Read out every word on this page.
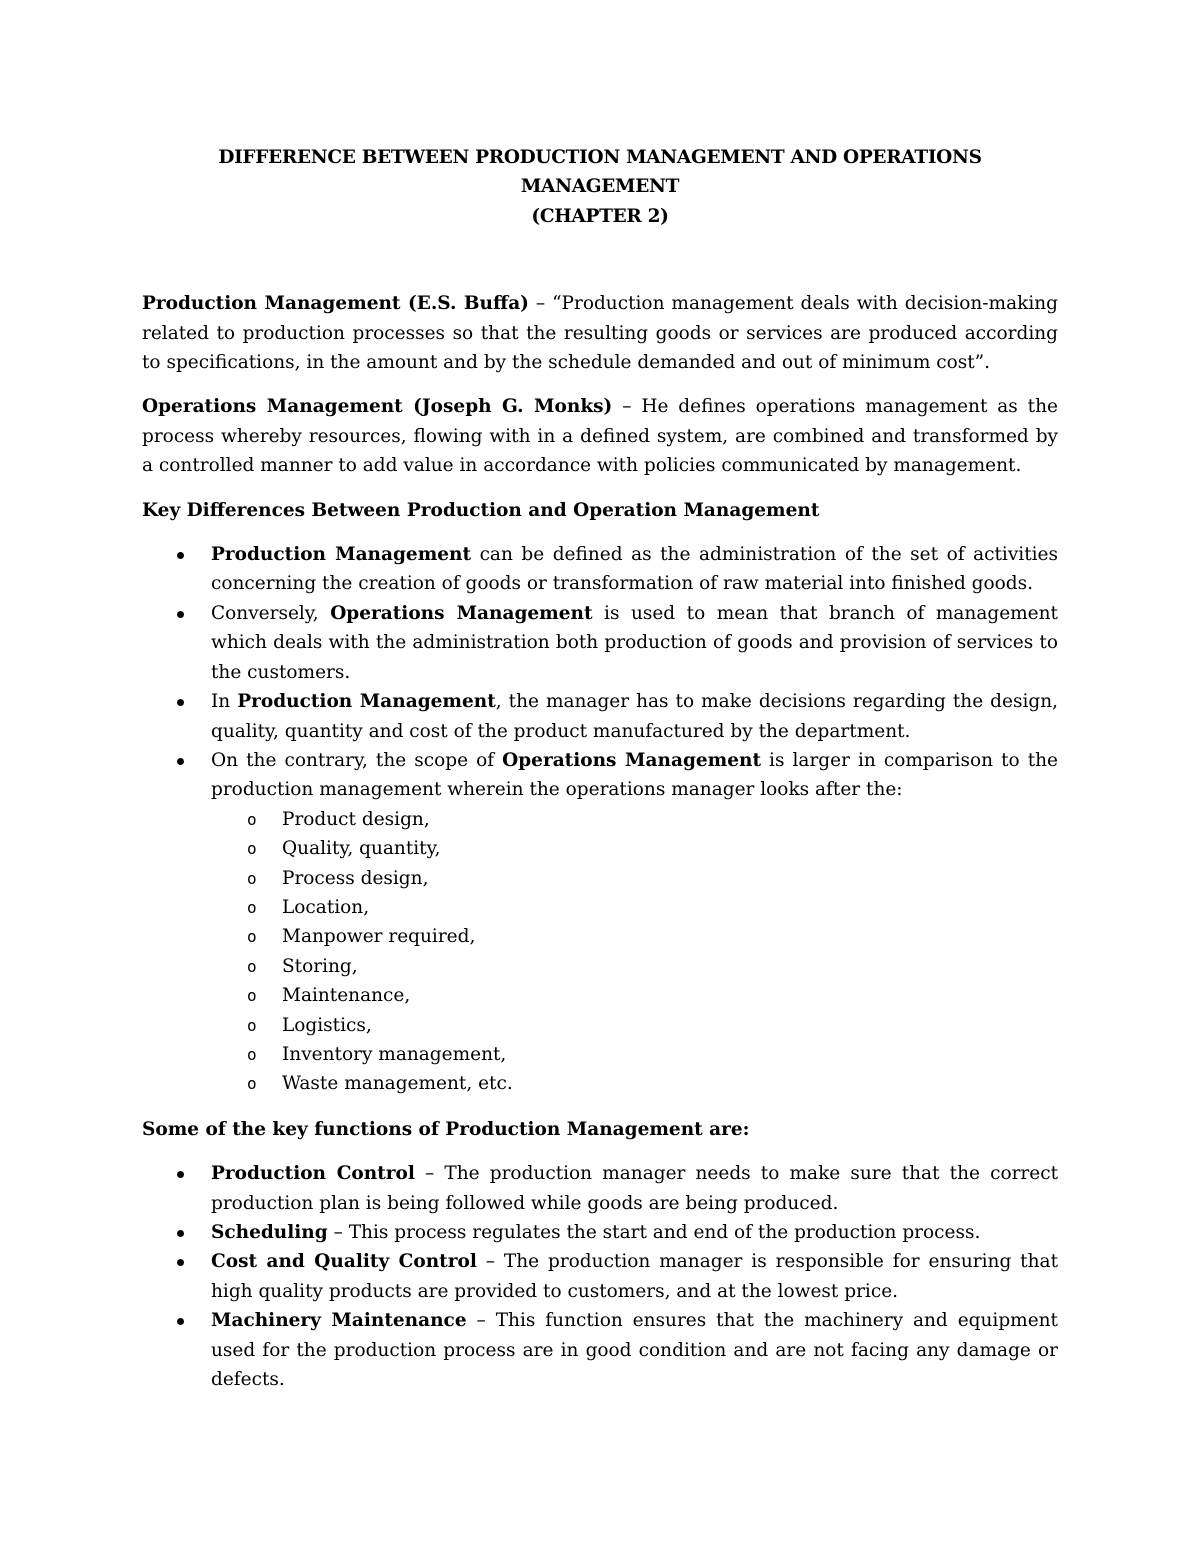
DIFFERENCE BETWEEN PRODUCTION MANAGEMENT AND OPERATIONS
MANAGEMENT
(CHAPTER 2)

Production Management (E.S. Buffa) – “Production management deals with decision-making related to production processes so that the resulting goods or services are produced according to specifications, in the amount and by the schedule demanded and out of minimum cost”.

Operations Management (Joseph G. Monks) – He defines operations management as the process whereby resources, flowing with in a defined system, are combined and transformed by a controlled manner to add value in accordance with policies communicated by management.

Key Differences Between Production and Operation Management
Production Management can be defined as the administration of the set of activities concerning the creation of goods or transformation of raw material into finished goods.
Conversely, Operations Management is used to mean that branch of management which deals with the administration both production of goods and provision of services to the customers.
In Production Management, the manager has to make decisions regarding the design, quality, quantity and cost of the product manufactured by the department.
On the contrary, the scope of Operations Management is larger in comparison to the production management wherein the operations manager looks after the:
o Product design,
o Quality, quantity,
o Process design,
o Location,
o Manpower required,
o Storing,
o Maintenance,
o Logistics,
o Inventory management,
o Waste management, etc.
Some of the key functions of Production Management are:
Production Control – The production manager needs to make sure that the correct production plan is being followed while goods are being produced.
Scheduling – This process regulates the start and end of the production process.
Cost and Quality Control – The production manager is responsible for ensuring that high quality products are provided to customers, and at the lowest price.
Machinery Maintenance – This function ensures that the machinery and equipment used for the production process are in good condition and are not facing any damage or defects.
